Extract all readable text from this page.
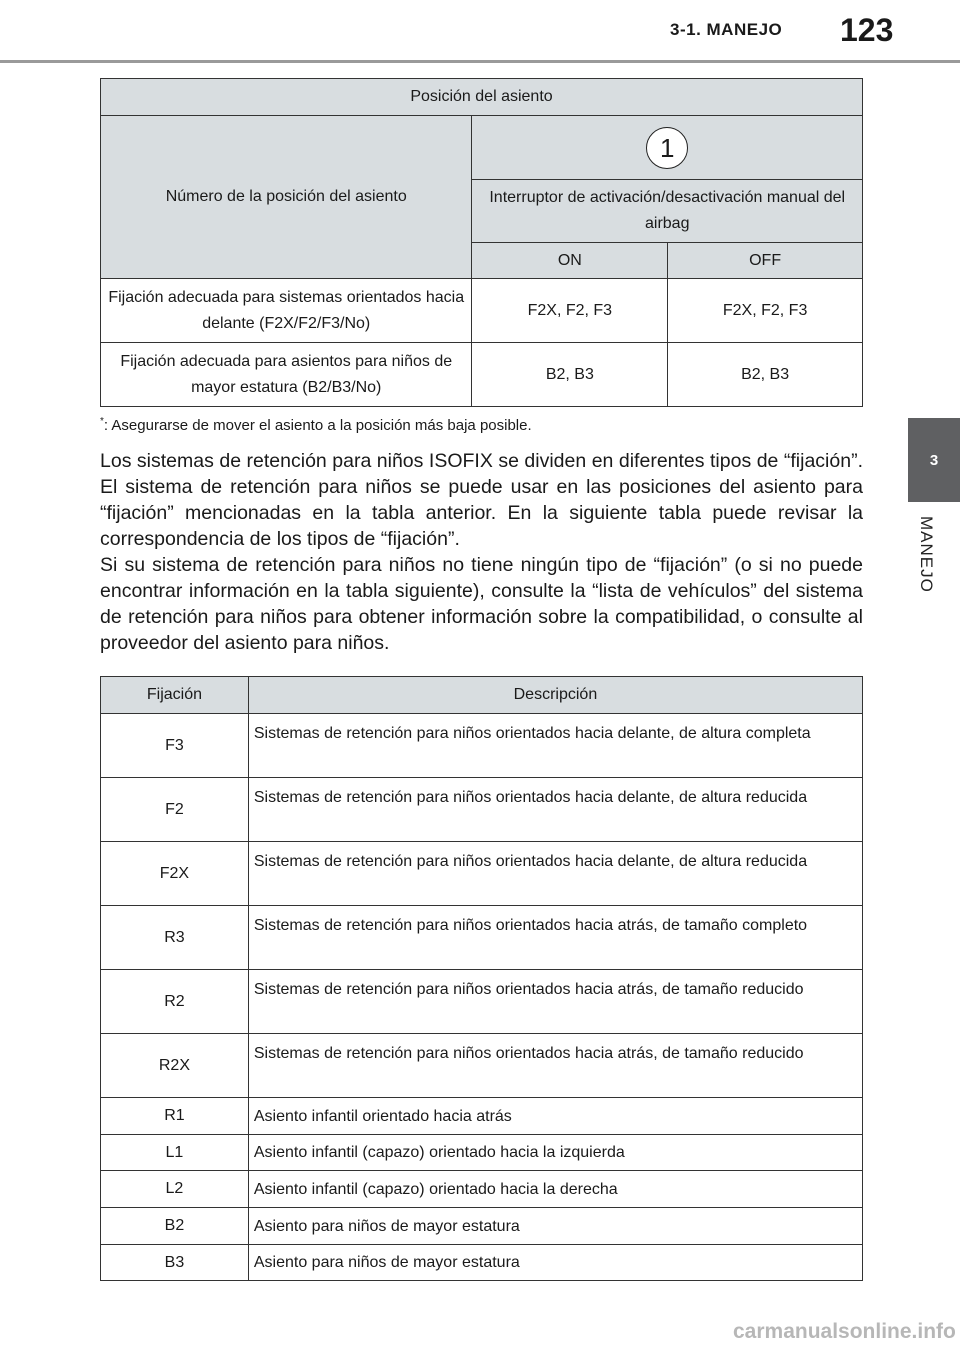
3-1. MANEJO 123
3
MANEJO
Posición del asiento		
Número de la posición del asiento	1	
	Interruptor de activación/desactivación manual del airbag	
	ON	OFF
Fijación adecuada para sistemas orientados hacia delante (F2X/F2/F3/No)	F2X, F2, F3	F2X, F2, F3
Fijación adecuada para asientos para niños de mayor estatura (B2/B3/No)	B2, B3	B2, B3
*: Asegurarse de mover el asiento a la posición más baja posible.

Los sistemas de retención para niños ISOFIX se dividen en diferentes tipos de “fijación”. El sistema de retención para niños se puede usar en las posiciones del asiento para “fijación” mencionadas en la tabla anterior. En la siguiente tabla puede revisar la correspondencia de los tipos de “fijación”.

Si su sistema de retención para niños no tiene ningún tipo de “fijación” (o si no puede encontrar información en la tabla siguiente), consulte la “lista de vehículos” del sistema de retención para niños para obtener información sobre la compatibilidad, o consulte al proveedor del asiento para niños.

Fijación	Descripción
F3	Sistemas de retención para niños orientados hacia delante, de altura completa
F2	Sistemas de retención para niños orientados hacia delante, de altura reducida
F2X	Sistemas de retención para niños orientados hacia delante, de altura reducida
R3	Sistemas de retención para niños orientados hacia atrás, de tamaño completo
R2	Sistemas de retención para niños orientados hacia atrás, de tamaño reducido
R2X	Sistemas de retención para niños orientados hacia atrás, de tamaño reducido
R1	Asiento infantil orientado hacia atrás
L1	Asiento infantil (capazo) orientado hacia la izquierda
L2	Asiento infantil (capazo) orientado hacia la derecha
B2	Asiento para niños de mayor estatura
B3	Asiento para niños de mayor estatura
carmanualsonline.info
